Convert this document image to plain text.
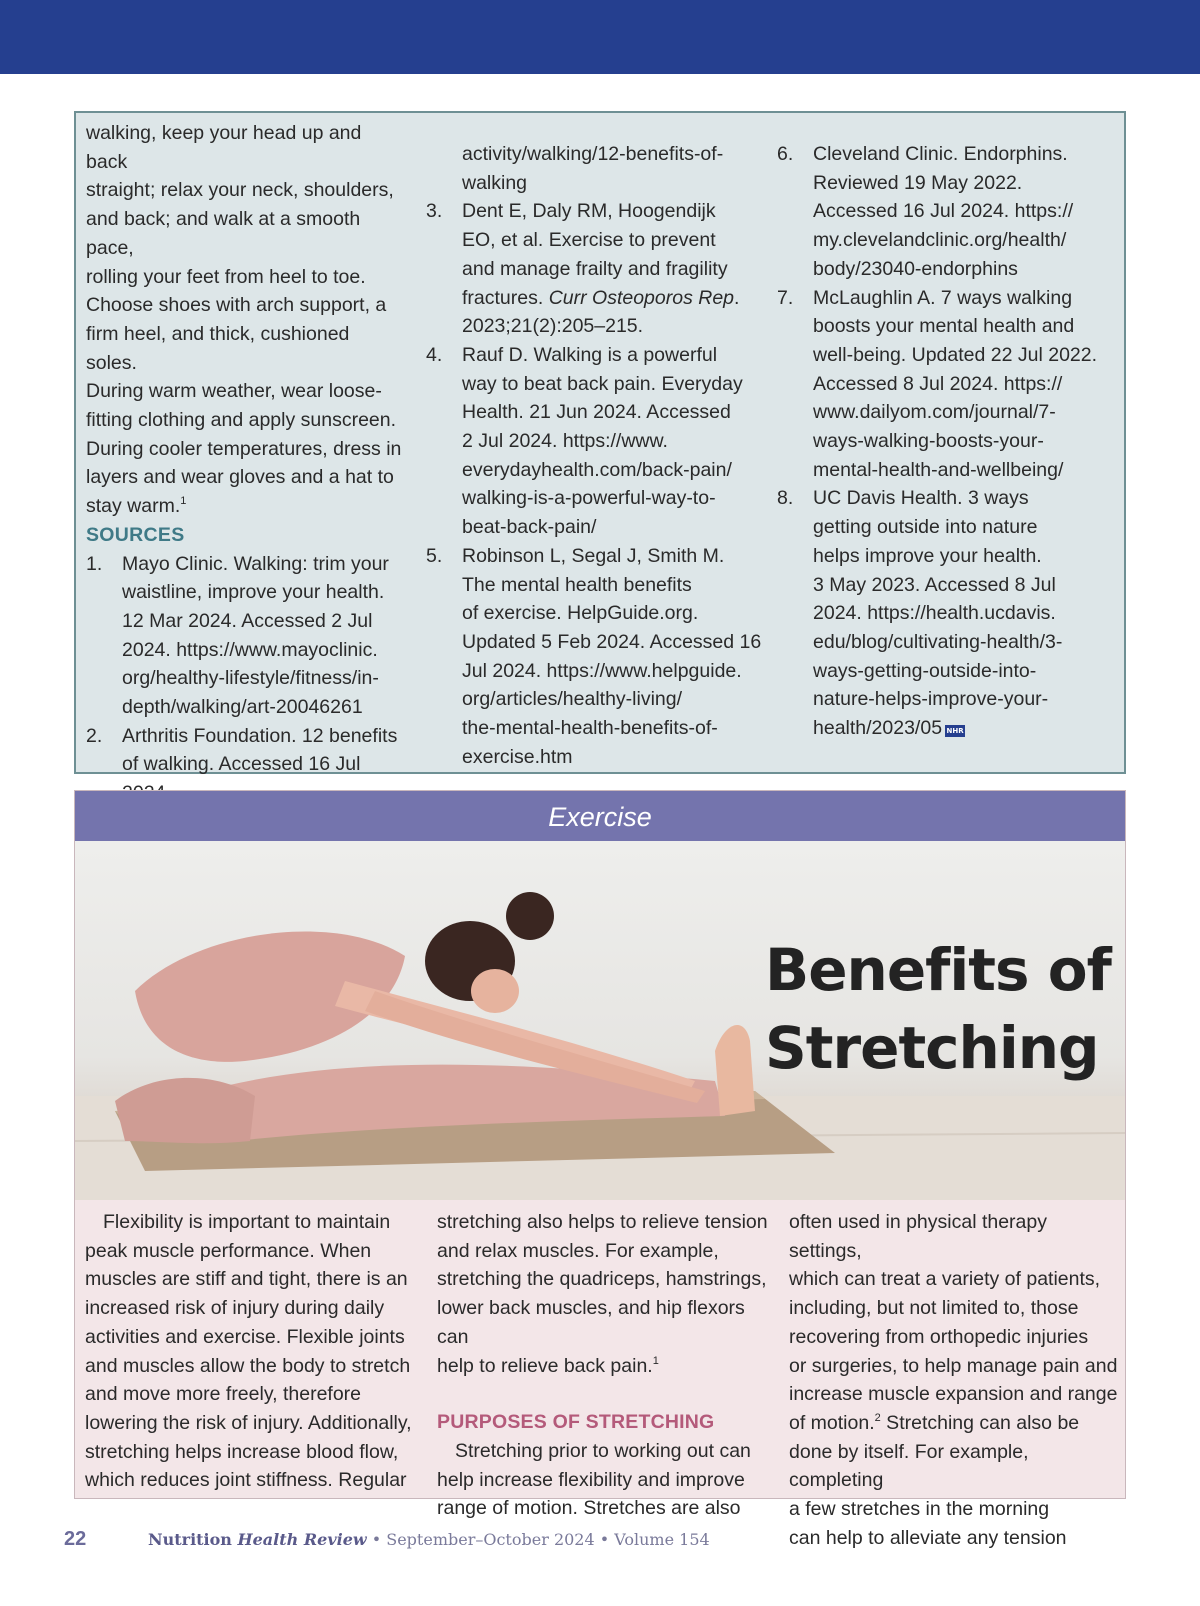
walking, keep your head up and back

straight; relax your neck, shoulders,

and back; and walk at a smooth pace,

rolling your feet from heel to toe.

Choose shoes with arch support, a

firm heel, and thick, cushioned soles.

During warm weather, wear loose-

fitting clothing and apply sunscreen.

During cooler temperatures, dress in

layers and wear gloves and a hat to

stay warm.$^1$

SOURCES

1. Mayo Clinic. Walking: trim your

waistline, improve your health.

12 Mar 2024. Accessed 2 Jul

2024. https://www.mayoclinic.

org/healthy-lifestyle/fitness/in-

depth/walking/art-20046261

2. Arthritis Foundation. 12 benefits

of walking. Accessed 16 Jul

activity/walking/12-benefits-of-

walking

3. Dent E, Daly RM, Hoogendijk

EO, et al. Exercise to prevent

and manage frailty and fragility

fractures. Curr Osteoporos Rep.

2023;21(2):205–215.

4. Rauf D. Walking is a powerful

way to beat back pain. Everyday

Health. 21 Jun 2024. Accessed

2 Jul 2024. https://www.

everydayhealth.com/back-pain/

walking-is-a-powerful-way-to-

beat-back-pain/

5. Robinson L, Segal J, Smith M.

The mental health benefits

of exercise. HelpGuide.org.

Updated 5 Feb 2024. Accessed 16

Jul 2024. https://www.helpguide.

org/articles/healthy-living/

the-mental-health-benefits-of-

exercise.htm

6. Cleveland Clinic. Endorphins.

Reviewed 19 May 2022.

Accessed 16 Jul 2024. https://

my.clevelandclinic.org/health/

body/23040-endorphins

7. McLaughlin A. 7 ways walking

boosts your mental health and

well-being. Updated 22 Jul 2022.

Accessed 8 Jul 2024. https://

www.dailyom.com/journal/7-

ways-walking-boosts-your-

mental-health-and-wellbeing/

8. UC Davis Health. 3 ways

getting outside into nature

helps improve your health.

3 May 2023. Accessed 8 Jul

2024. https://health.ucdavis.

edu/blog/cultivating-health/3-

ways-getting-outside-into-

nature-helps-improve-your-

health/2023/05 NHR

Exercise
Benefits of
Stretching

Flexibility is important to maintain

peak muscle performance. When

muscles are stiff and tight, there is an

increased risk of injury during daily

activities and exercise. Flexible joints

and muscles allow the body to stretch

and move more freely, therefore

lowering the risk of injury. Additionally,

stretching helps increase blood flow,

which reduces joint stiffness. Regular

stretching also helps to relieve tension

and relax muscles. For example,

stretching the quadriceps, hamstrings,

lower back muscles, and hip flexors can

help to relieve back pain.$^1$

PURPOSES OF STRETCHING

Stretching prior to working out can

help increase flexibility and improve

range of motion. Stretches are also

often used in physical therapy settings,

which can treat a variety of patients,

including, but not limited to, those

recovering from orthopedic injuries

or surgeries, to help manage pain and

increase muscle expansion and range

of motion.$^2$ Stretching can also be

done by itself. For example, completing

a few stretches in the morning

can help to alleviate any tension

22	Nutrition Health Review • September–October 2024 • Volume 154
